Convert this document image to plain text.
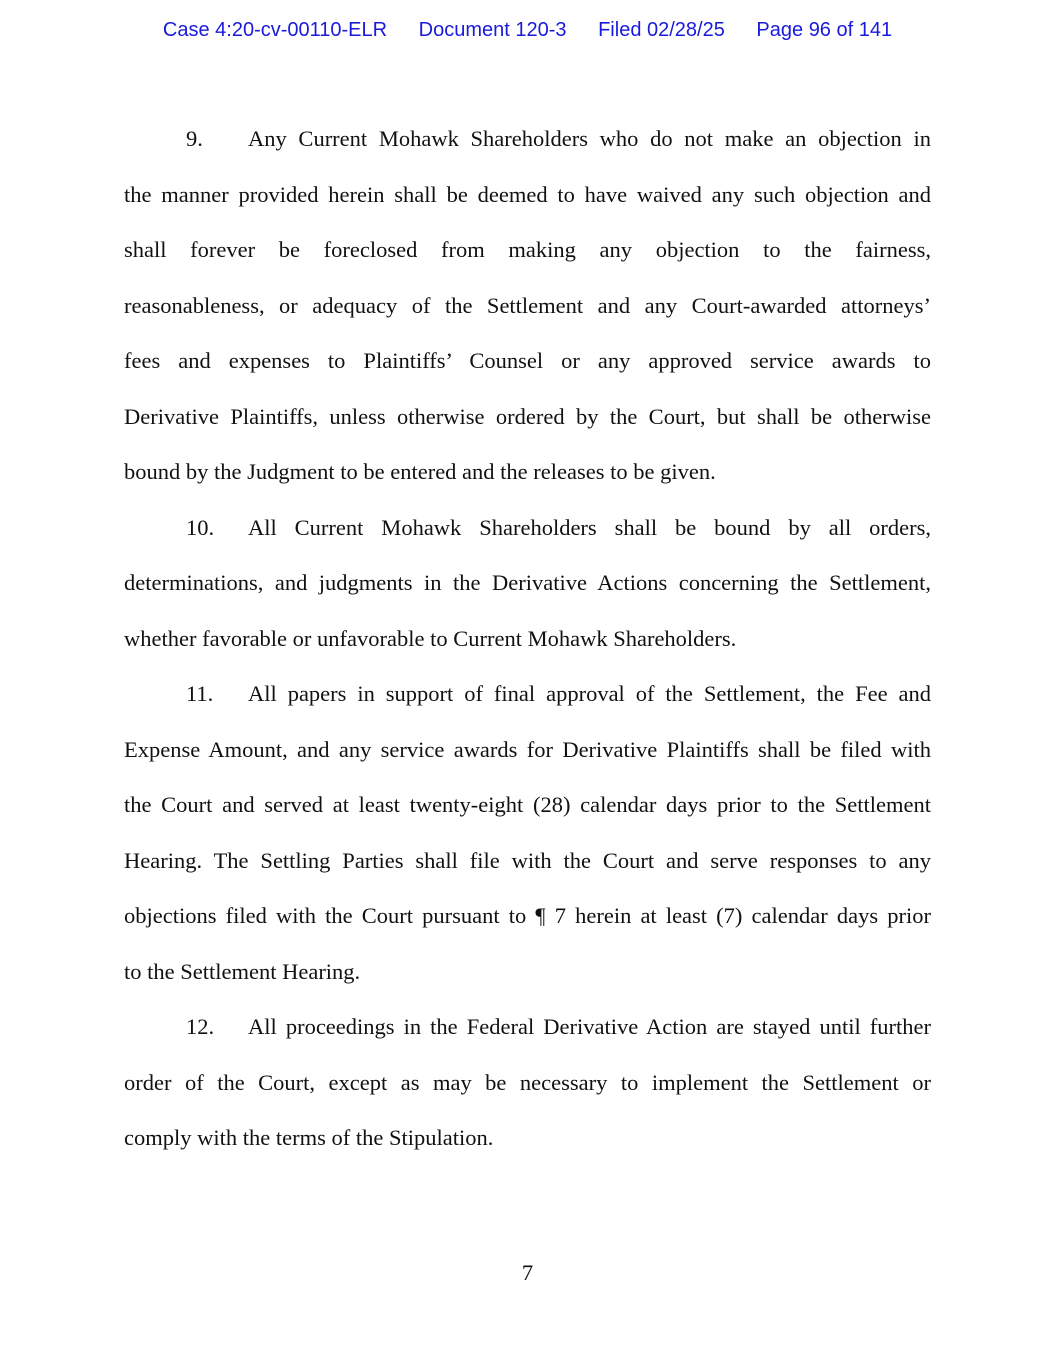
Case 4:20-cv-00110-ELR Document 120-3 Filed 02/28/25 Page 96 of 141
9. Any Current Mohawk Shareholders who do not make an objection in
the manner provided herein shall be deemed to have waived any such objection and
shall forever be foreclosed from making any objection to the fairness,
reasonableness, or adequacy of the Settlement and any Court-awarded attorneys’
fees and expenses to Plaintiffs’ Counsel or any approved service awards to
Derivative Plaintiffs, unless otherwise ordered by the Court, but shall be otherwise
bound by the Judgment to be entered and the releases to be given.
10. All Current Mohawk Shareholders shall be bound by all orders,
determinations, and judgments in the Derivative Actions concerning the Settlement,
whether favorable or unfavorable to Current Mohawk Shareholders.
11. All papers in support of final approval of the Settlement, the Fee and
Expense Amount, and any service awards for Derivative Plaintiffs shall be filed with
the Court and served at least twenty-eight (28) calendar days prior to the Settlement
Hearing. The Settling Parties shall file with the Court and serve responses to any
objections filed with the Court pursuant to ¶ 7 herein at least (7) calendar days prior
to the Settlement Hearing.
12. All proceedings in the Federal Derivative Action are stayed until further
order of the Court, except as may be necessary to implement the Settlement or
comply with the terms of the Stipulation.
7
